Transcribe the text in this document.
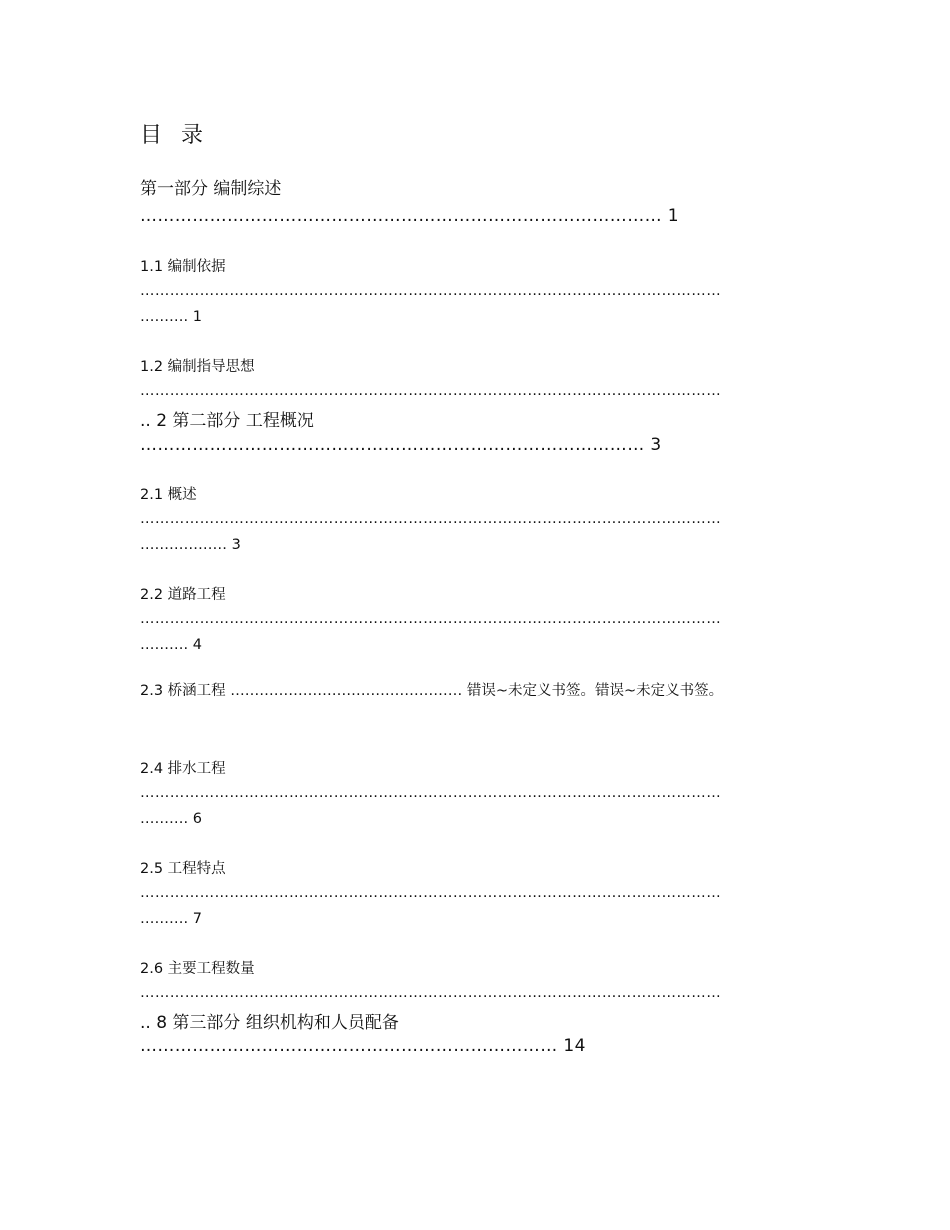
目 录
第一部分 编制综述
……………………………………………………………………………… 1
1.1 编制依据
………………………………………………………………………………………………………
………. 1
1.2 编制指导思想
………………………………………………………………………………………………………
.. 2 第二部分 工程概况
…………………………………………………………………………… 3
2.1 概述
………………………………………………………………………………………………………
……………… 3
2.2 道路工程
………………………………………………………………………………………………………
………. 4
2.3 桥涵工程 ………………………………………… 错误~未定义书签。错误~未定义书签。
2.4 排水工程
………………………………………………………………………………………………………
………. 6
2.5 工程特点
………………………………………………………………………………………………………
………. 7
2.6 主要工程数量
………………………………………………………………………………………………………
.. 8 第三部分 组织机构和人员配备
……………………………………………………………… 14
